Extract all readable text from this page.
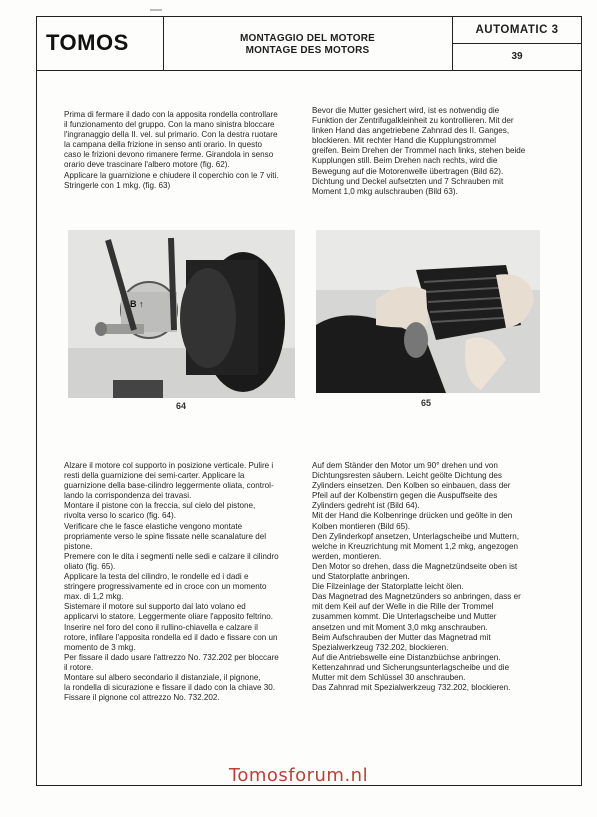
TOMOS	MONTAGGIO DEL MOTORE
MONTAGE DES MOTORS
AUTOMATIC 3
39

Prima di fermare il dado con la apposita rondella controllare

il funzionamento del gruppo. Con la mano sinistra bloccare

l'ingranaggio della II. vel. sul primario. Con la destra ruotare

la campana della frizione in senso anti orario. In questo

caso le frizioni devono rimanere ferme. Girandola in senso

orario deve trascinare l'albero motore (fig. 62).

Applicare la guarnizione e chiudere il coperchio con le 7 viti.

Stringerle con 1 mkg. (fig. 63)

Bevor die Mutter gesichert wird, ist es notwendig die

Funktion der Zentrifugalkleinheit zu kontrollieren. Mit der

linken Hand das angetriebene Zahnrad des II. Ganges,

blockieren. Mit rechter Hand die Kupplungstrommel

greifen. Beim Drehen der Trommel nach links, stehen beide

Kupplungen still. Beim Drehen nach rechts, wird die

Bewegung auf die Motorenwelle übertragen (Bild 62).

Dichtung und Deckel aufsetzten und 7 Schrauben mit

Moment 1,0 mkg aulschrauben (Bild 63).

B ↑
64	65

Alzare il motore col supporto in posizione verticale. Pulire i

resti della guarnizione dei semi-carter. Applicare la

guarnizione della base-cilindro leggermente oliata, control-

lando la corrispondenza dei travasi.

Montare il pistone con la freccia, sul cielo del pistone,

rivolta verso lo scarico (fig. 64).

Verificare che le fasce elastiche vengono montate

propriamente verso le spine fissate nelle scanalature del

pistone.

Premere con le dita i segmenti nelle sedi e calzare il cilindro

oliato (fig. 65).

Applicare la testa del cilindro, le rondelle ed i dadi e

stringere progressivamente ed in croce con un momento

max. di 1,2 mkg.

Sistemare il motore sul supporto dal lato volano ed

applicarvi lo statore. Leggermente oliare l'apposito feltrino.

Inserire nel foro del cono il rullino-chiavella e calzare il

rotore, infilare l'apposita rondella ed il dado e fissare con un

momento de 3 mkg.

Per fissare il dado usare l'attrezzo No. 732.202 per bloccare

il rotore.

Montare sul albero secondario il distanziale, il pignone,

la rondella di sicurazione e fissare il dado con la chiave 30.

Fissare il pignone col attrezzo No. 732.202.

Auf dem Ständer den Motor um 90° drehen und von

Dichtungsresten säubern. Leicht geölte Dichtung des

Zylinders einsetzen. Den Kolben so einbauen, dass der

Pfeil auf der Kolbenstirn gegen die Auspuffseite des

Zylinders gedreht ist (Bild 64).

Mit der Hand die Kolbenringe drücken und geölte in den

Kolben montieren (Bild 65).

Den Zylinderkopf ansetzen, Unterlagscheibe und Muttern,

welche in Kreuzrichtung mit Moment 1,2 mkg, angezogen

werden, montieren.

Den Motor so drehen, dass die Magnetzündseite oben ist

und Statorplatte anbringen.

Die Filzeinlage der Statorplatte leicht ölen.

Das Magnetrad des Magnetzünders so anbringen, dass er

mit dem Keil auf der Welle in die Rille der Trommel

zusammen kommt. Die Unterlagscheibe und Mutter

ansetzen und mit Moment 3,0 mkg anschrauben.

Beim Aufschrauben der Mutter das Magnetrad mit

Spezialwerkzeug 732.202, blockieren.

Auf die Antriebswelle eine Distanzbüchse anbringen.

Kettenzahnrad und Sicherungsunterlagscheibe und die

Mutter mit dem Schlüssel 30 anschrauben.

Das Zahnrad mit Spezialwerkzeug 732.202, blockieren.

Tomosforum.nl
